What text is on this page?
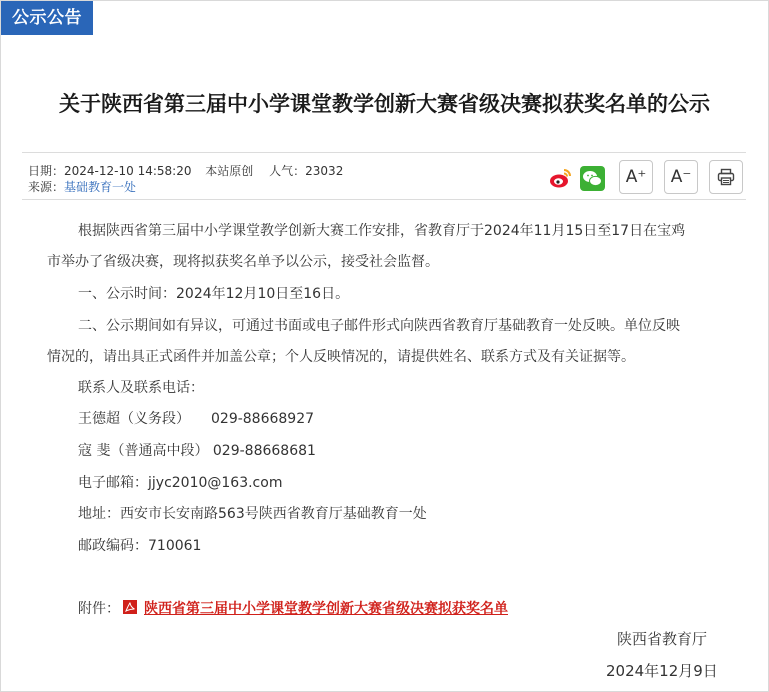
公示公告
关于陕西省第三届中小学课堂教学创新大赛省级决赛拟获奖名单的公示
日期：2024-12-10 14:58:20 本站原创 人气：23032
来源：基础教育一处	A⁺ A⁻
根据陕西省第三届中小学课堂教学创新大赛工作安排，省教育厅于2024年11月15日至17日在宝鸡
市举办了省级决赛，现将拟获奖名单予以公示，接受社会监督。
一、公示时间：2024年12月10日至16日。
二、公示期间如有异议，可通过书面或电子邮件形式向陕西省教育厅基础教育一处反映。单位反映
情况的，请出具正式函件并加盖公章；个人反映情况的，请提供姓名、联系方式及有关证据等。
联系人及联系电话：
王德超（义务段）　　029-88668927
寇 斐（普通高中段） 029-88668681
电子邮箱：jjyc2010@163.com
地址：西安市长安南路563号陕西省教育厅基础教育一处
邮政编码：710061
附件： 陕西省第三届中小学课堂教学创新大赛省级决赛拟获奖名单
陕西省教育厅
2024年12月9日
